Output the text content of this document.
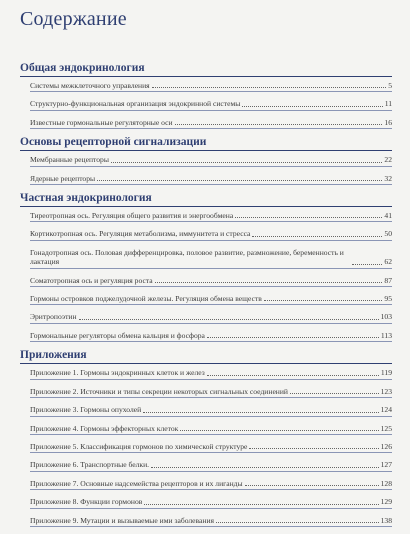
Содержание
Общая эндокринология
Системы межклеточного управления	5
Структурно-функциональная организация эндокринной системы	11
Известные гормональные регуляторные оси	16
Основы рецепторной сигнализации
Мембранные рецепторы	22
Ядерные рецепторы	32
Частная эндокринология
Тиреотропная ось. Регуляция общего развития и энергообмена	41
Кортикотропная ось. Регуляция метаболизма, иммунитета и стресса	50
Гонадотропная ось. Половая дифференцировка, половое развитие, размножение, беременность и лактация	62
Соматотропная ось и регуляция роста	87
Гормоны островков поджелудочной железы. Регуляция обмена веществ	95
Эритропоэтин	103
Гормональные регуляторы обмена кальция и фосфора	113
Приложения
Приложение 1. Гормоны эндокринных клеток и желез	119
Приложение 2. Источники и типы секреции некоторых сигнальных соединений	123
Приложение 3. Гормоны опухолей	124
Приложение 4. Гормоны эффекторных клеток	125
Приложение 5. Классификация гормонов по химической структуре	126
Приложение 6. Транспортные белки.	127
Приложение 7. Основные надсемейства рецепторов и их лиганды	128
Приложение 8. Функции гормонов	129
Приложение 9. Мутации и вызываемые ими заболевания	138
